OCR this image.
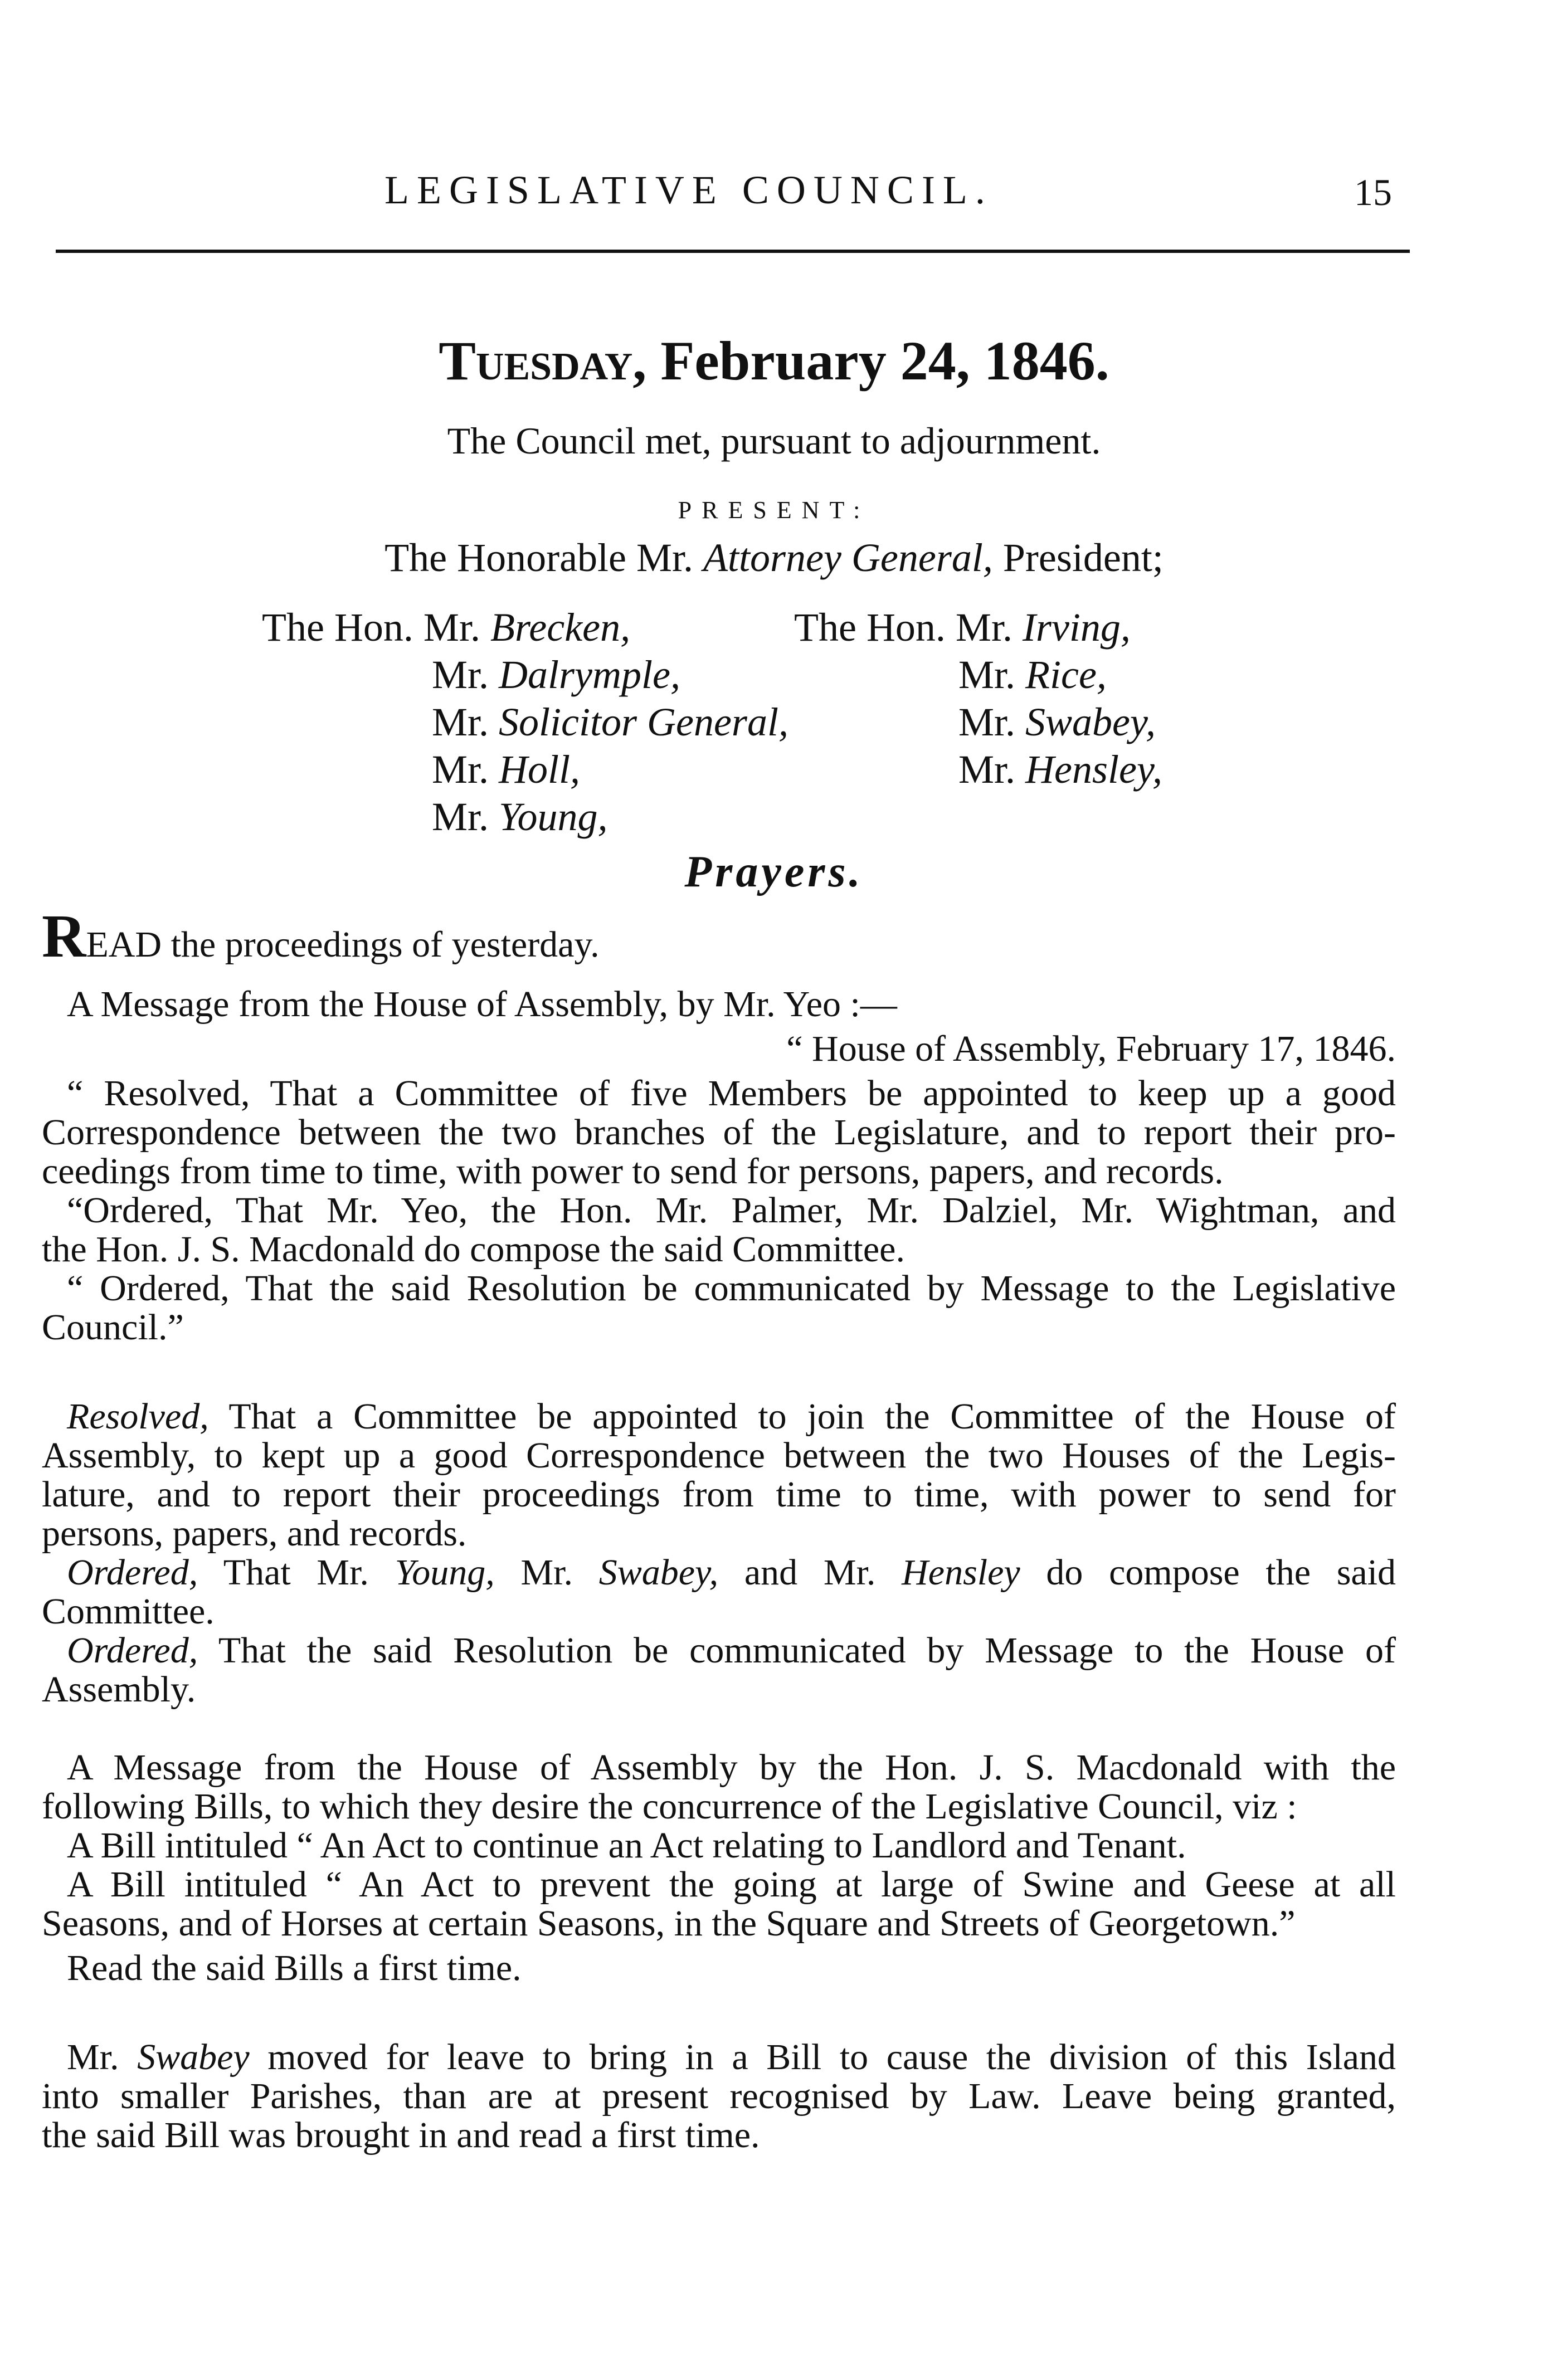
LEGISLATIVE COUNCIL.	15
Tuesday, February 24, 1846.
The Council met, pursuant to adjournment.
PRESENT:
The Honorable Mr. Attorney General, President;
The Hon. Mr. Brecken,
Mr. Dalrymple,
Mr. Solicitor General,
Mr. Holl,
Mr. Young,
The Hon. Mr. Irving,
Mr. Rice,
Mr. Swabey,
Mr. Hensley,
Prayers.
READ the proceedings of yesterday.
A Message from the House of Assembly, by Mr. Yeo :—
“ House of Assembly, February 17, 1846.
“ Resolved, That a Committee of five Members be appointed to keep up a good
Correspondence between the two branches of the Legislature, and to report their pro-
ceedings from time to time, with power to send for persons, papers, and records.
“Ordered, That Mr. Yeo, the Hon. Mr. Palmer, Mr. Dalziel, Mr. Wightman, and
the Hon. J. S. Macdonald do compose the said Committee.
“ Ordered, That the said Resolution be communicated by Message to the Legislative
Council.”
Resolved, That a Committee be appointed to join the Committee of the House of
Assembly, to kept up a good Correspondence between the two Houses of the Legis-
lature, and to report their proceedings from time to time, with power to send for
persons, papers, and records.
Ordered, That Mr. Young, Mr. Swabey, and Mr. Hensley do compose the said
Committee.
Ordered, That the said Resolution be communicated by Message to the House of
Assembly.
A Message from the House of Assembly by the Hon. J. S. Macdonald with the
following Bills, to which they desire the concurrence of the Legislative Council, viz :
A Bill intituled “ An Act to continue an Act relating to Landlord and Tenant.
A Bill intituled “ An Act to prevent the going at large of Swine and Geese at all
Seasons, and of Horses at certain Seasons, in the Square and Streets of Georgetown.”
Read the said Bills a first time.
Mr. Swabey moved for leave to bring in a Bill to cause the division of this Island
into smaller Parishes, than are at present recognised by Law. Leave being granted,
the said Bill was brought in and read a first time.
